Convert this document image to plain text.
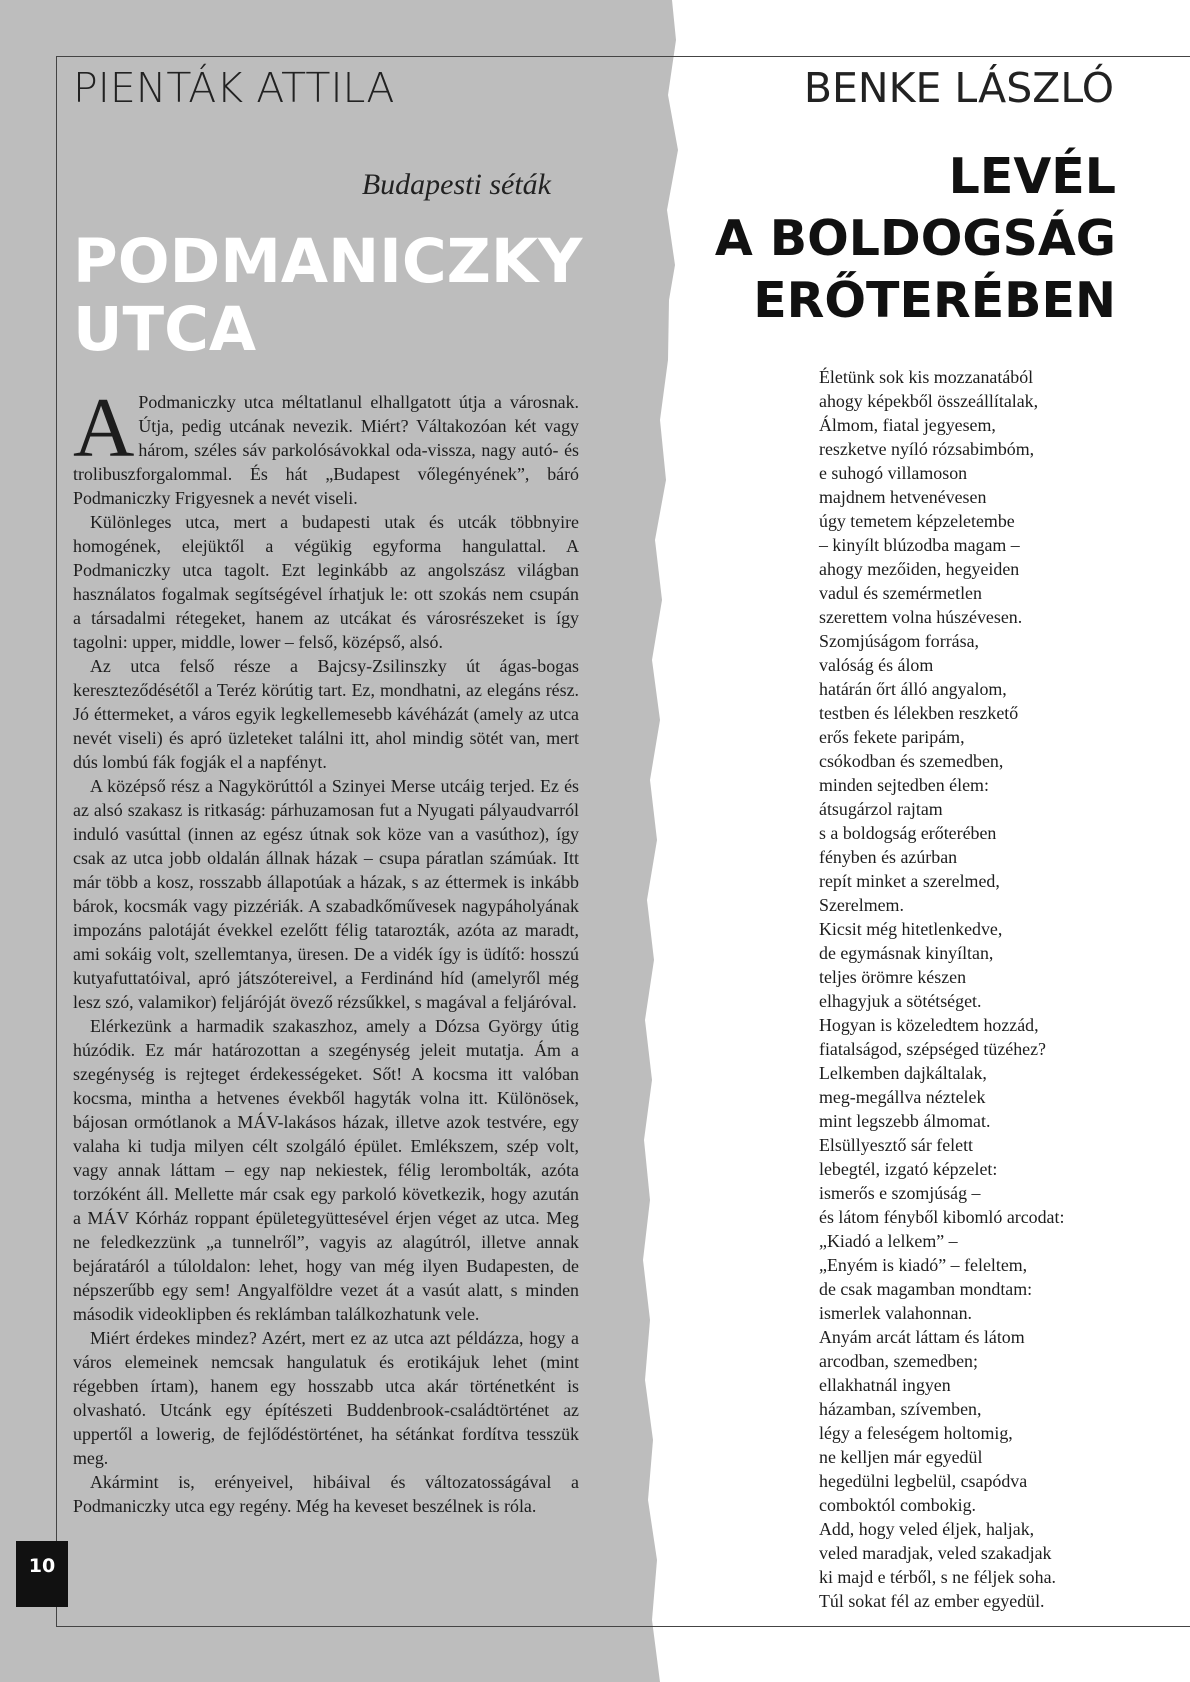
PIENTÁK ATTILA	BENKE LÁSZLÓ
Budapesti séták
PODMANICZKY
UTCA
LEVÉL
A BOLDOGSÁG
ERŐTERÉBEN

A Podmaniczky utca méltatlanul elhallgatott útja a városnak. Útja, pedig utcának nevezik. Miért? Váltakozóan két vagy három, széles sáv parkolósávokkal oda-vissza, nagy autó- és trolibuszforgalommal. És hát „Budapest vőlegényének”, báró Podmaniczky Frigyesnek a nevét viseli.

Különleges utca, mert a budapesti utak és utcák többnyire homogének, elejüktől a végükig egyforma hangulattal. A Podmaniczky utca tagolt. Ezt leginkább az angolszász világban használatos fogalmak segítségével írhatjuk le: ott szokás nem csupán a társadalmi rétegeket, hanem az utcákat és városrészeket is így tagolni: upper, middle, lower – felső, középső, alsó.

Az utca felső része a Bajcsy-Zsilinszky út ágas-bogas kereszteződésétől a Teréz körútig tart. Ez, mondhatni, az elegáns rész. Jó éttermeket, a város egyik legkellemesebb kávéházát (amely az utca nevét viseli) és apró üzleteket találni itt, ahol mindig sötét van, mert dús lombú fák fogják el a napfényt.

A középső rész a Nagykörúttól a Szinyei Merse utcáig terjed. Ez és az alsó szakasz is ritkaság: párhuzamosan fut a Nyugati pályaudvarról induló vasúttal (innen az egész útnak sok köze van a vasúthoz), így csak az utca jobb oldalán állnak házak – csupa páratlan számúak. Itt már több a kosz, rosszabb állapotúak a házak, s az éttermek is inkább bárok, kocsmák vagy pizzériák. A szabadkőművesek nagypáholyának impozáns palotáját évekkel ezelőtt félig tatarozták, azóta az maradt, ami sokáig volt, szellemtanya, üresen. De a vidék így is üdítő: hosszú kutyafuttatóival, apró játszótereivel, a Ferdinánd híd (amelyről még lesz szó, valamikor) feljáróját övező rézsűkkel, s magával a feljáróval.

Elérkezünk a harmadik szakaszhoz, amely a Dózsa György útig húzódik. Ez már határozottan a szegénység jeleit mutatja. Ám a szegénység is rejteget érdekességeket. Sőt! A kocsma itt valóban kocsma, mintha a hetvenes évekből hagyták volna itt. Különösek, bájosan ormótlanok a MÁV-lakásos házak, illetve azok testvére, egy valaha ki tudja milyen célt szolgáló épület. Emlékszem, szép volt, vagy annak láttam – egy nap nekiestek, félig lerombolták, azóta torzóként áll. Mellette már csak egy parkoló következik, hogy azután a MÁV Kórház roppant épületegyüttesével érjen véget az utca. Meg ne feledkezzünk „a tunnelről”, vagyis az alagútról, illetve annak bejáratáról a túloldalon: lehet, hogy van még ilyen Budapesten, de népszerűbb egy sem! Angyalföldre vezet át a vasút alatt, s minden második videoklipben és reklámban találkozhatunk vele.

Miért érdekes mindez? Azért, mert ez az utca azt példázza, hogy a város elemeinek nemcsak hangulatuk és erotikájuk lehet (mint régebben írtam), hanem egy hosszabb utca akár történetként is olvasható. Utcánk egy építészeti Buddenbrook-családtörténet az uppertől a lowerig, de fejlődéstörténet, ha sétánkat fordítva tesszük meg.

Akármint is, erényeivel, hibáival és változatosságával a Podmaniczky utca egy regény. Még ha keveset beszélnek is róla.

Életünk sok kis mozzanatából
ahogy képekből összeállítalak,
Álmom, fiatal jegyesem,
reszketve nyíló rózsabimbóm,
e suhogó villamoson
majdnem hetvenévesen
úgy temetem képzeletembe
– kinyílt blúzodba magam –
ahogy mezőiden, hegyeiden
vadul és szemérmetlen
szerettem volna húszévesen.
Szomjúságom forrása,
valóság és álom
határán őrt álló angyalom,
testben és lélekben reszkető
erős fekete paripám,
csókodban és szemedben,
minden sejtedben élem:
átsugárzol rajtam
s a boldogság erőterében
fényben és azúrban
repít minket a szerelmed,
Szerelmem.
Kicsit még hitetlenkedve,
de egymásnak kinyíltan,
teljes örömre készen
elhagyjuk a sötétséget.
Hogyan is közeledtem hozzád,
fiatalságod, szépséged tüzéhez?
Lelkemben dajkáltalak,
meg-megállva néztelek
mint legszebb álmomat.
Elsüllyesztő sár felett
lebegtél, izgató képzelet:
ismerős e szomjúság –
és látom fényből kibomló arcodat:
„Kiadó a lelkem” –
„Enyém is kiadó” – feleltem,
de csak magamban mondtam:
ismerlek valahonnan.
Anyám arcát láttam és látom
arcodban, szemedben;
ellakhatnál ingyen
házamban, szívemben,
légy a feleségem holtomig,
ne kelljen már egyedül
hegedülni legbelül, csapódva
comboktól combokig.
Add, hogy veled éljek, haljak,
veled maradjak, veled szakadjak
ki majd e térből, s ne féljek soha.
Túl sokat fél az ember egyedül.
10
